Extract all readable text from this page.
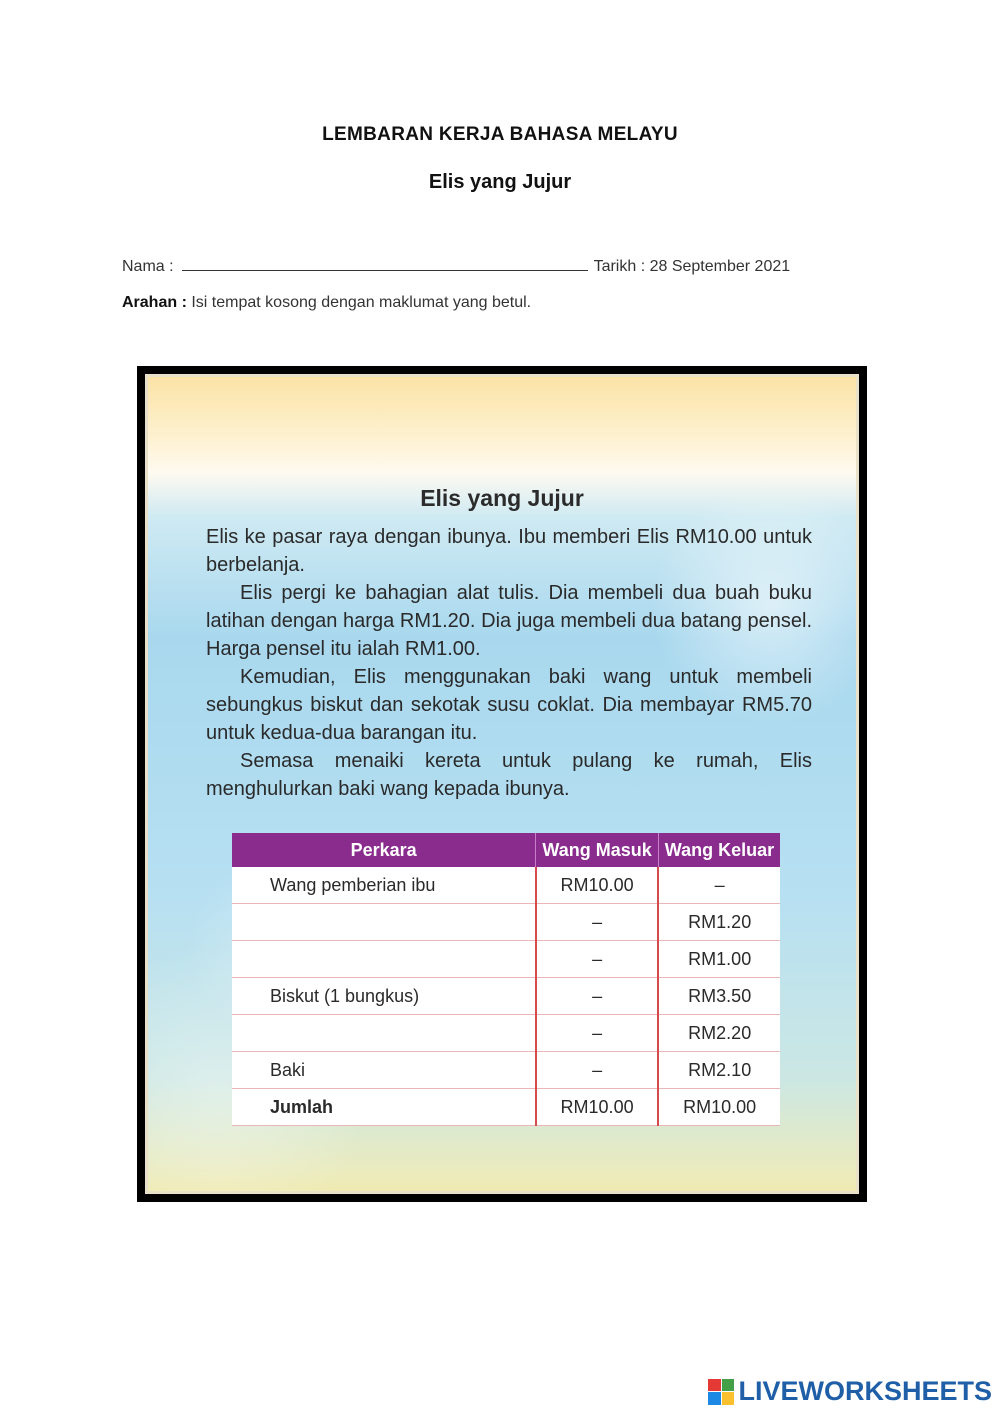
LEMBARAN KERJA BAHASA MELAYU
Elis yang Jujur
Nama :	Tarikh : 28 September 2021
Arahan : Isi tempat kosong dengan maklumat yang betul.
Elis yang Jujur

Elis ke pasar raya dengan ibunya. Ibu memberi Elis RM10.00 untuk berbelanja.

Elis pergi ke bahagian alat tulis. Dia membeli dua buah buku latihan dengan harga RM1.20. Dia juga membeli dua batang pensel. Harga pensel itu ialah RM1.00.

Kemudian, Elis menggunakan baki wang untuk membeli sebungkus biskut dan sekotak susu coklat. Dia membayar RM5.70 untuk kedua-dua barangan itu.

Semasa menaiki kereta untuk pulang ke rumah, Elis menghulurkan baki wang kepada ibunya.

Perkara	Wang Masuk	Wang Keluar
Wang pemberian ibu	RM10.00	–
	–	RM1.20
	–	RM1.00
Biskut (1 bungkus)	–	RM3.50
	–	RM2.20
Baki	–	RM2.10
Jumlah	RM10.00	RM10.00
LIVEWORKSHEETS
